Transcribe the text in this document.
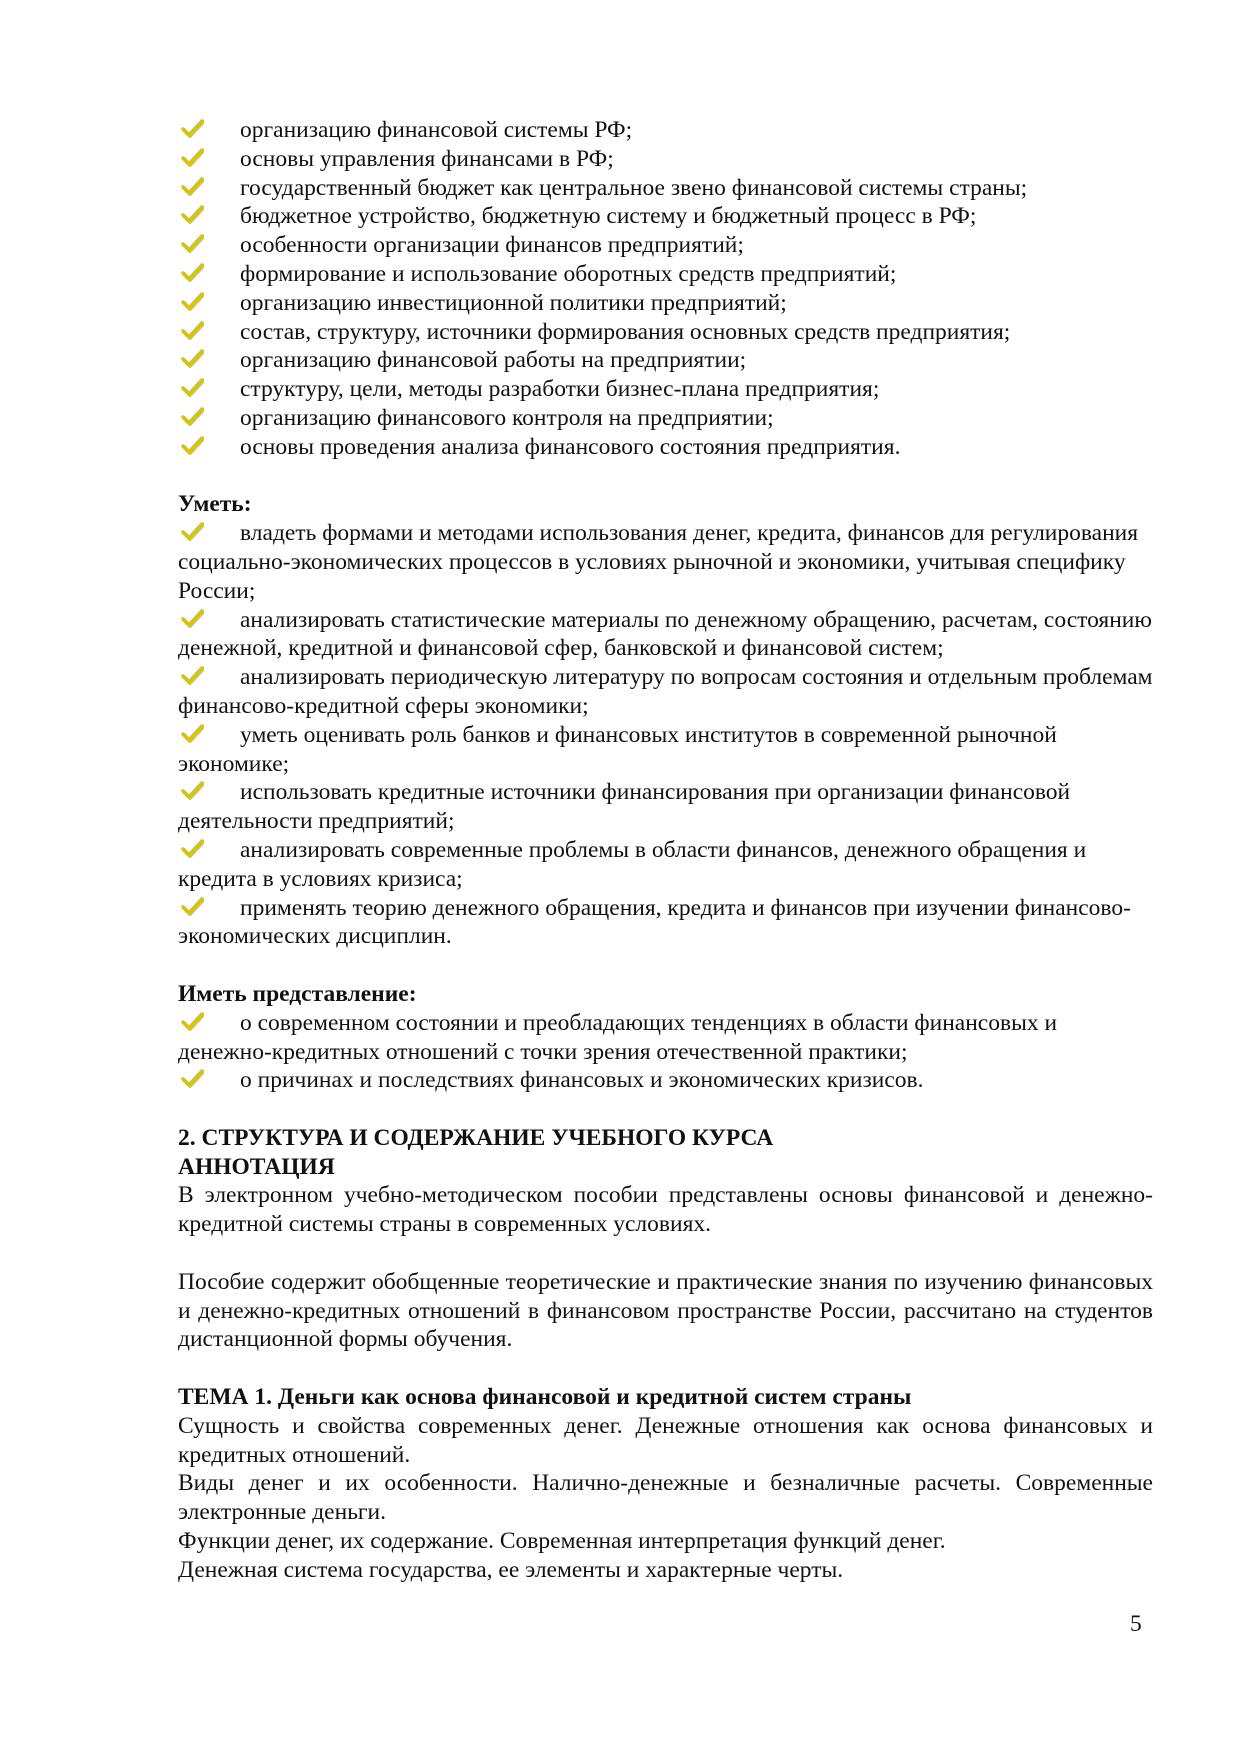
организацию финансовой системы РФ;
основы управления финансами в РФ;
государственный бюджет как центральное звено финансовой системы страны;
бюджетное устройство, бюджетную систему и бюджетный процесс в РФ;
особенности организации финансов предприятий;
формирование и использование оборотных средств предприятий;
организацию инвестиционной политики предприятий;
состав, структуру, источники формирования основных средств предприятия;
организацию финансовой работы на предприятии;
структуру, цели, методы разработки бизнес-плана предприятия;
организацию финансового контроля на предприятии;
основы проведения анализа финансового состояния предприятия.

Уметь:

владеть формами и методами использования денег, кредита, финансов для регулирования социально-экономических процессов в условиях рыночной и экономики, учитывая специфику России;
анализировать статистические материалы по денежному обращению, расчетам, состоянию денежной, кредитной и финансовой сфер, банковской и финансовой систем;
анализировать периодическую литературу по вопросам состояния и отдельным проблемам финансово-кредитной сферы экономики;
уметь оценивать роль банков и финансовых институтов в современной рыночной экономике;
использовать кредитные источники финансирования при организации финансовой деятельности предприятий;
анализировать современные проблемы в области финансов, денежного обращения и кредита в условиях кризиса;
применять теорию денежного обращения, кредита и финансов при изучении финансово-экономических дисциплин.

Иметь представление:

о современном состоянии и преобладающих тенденциях в области финансовых и денежно-кредитных отношений с точки зрения отечественной практики;
о причинах и последствиях финансовых и экономических кризисов.

2. СТРУКТУРА И СОДЕРЖАНИЕ УЧЕБНОГО КУРСА

АННОТАЦИЯ

В электронном учебно-методическом пособии представлены основы финансовой и денежно-кредитной системы страны в современных условиях.

Пособие содержит обобщенные теоретические и практические знания по изучению финансовых и денежно-кредитных отношений в финансовом пространстве России, рассчитано на студентов дистанционной формы обучения.

ТЕМА 1. Деньги как основа финансовой и кредитной систем страны

Сущность и свойства современных денег. Денежные отношения как основа финансовых и кредитных отношений.

Виды денег и их особенности. Налично-денежные и безналичные расчеты. Современные электронные деньги.

Функции денег, их содержание. Современная интерпретация функций денег.

Денежная система государства, ее элементы и характерные черты.

5
